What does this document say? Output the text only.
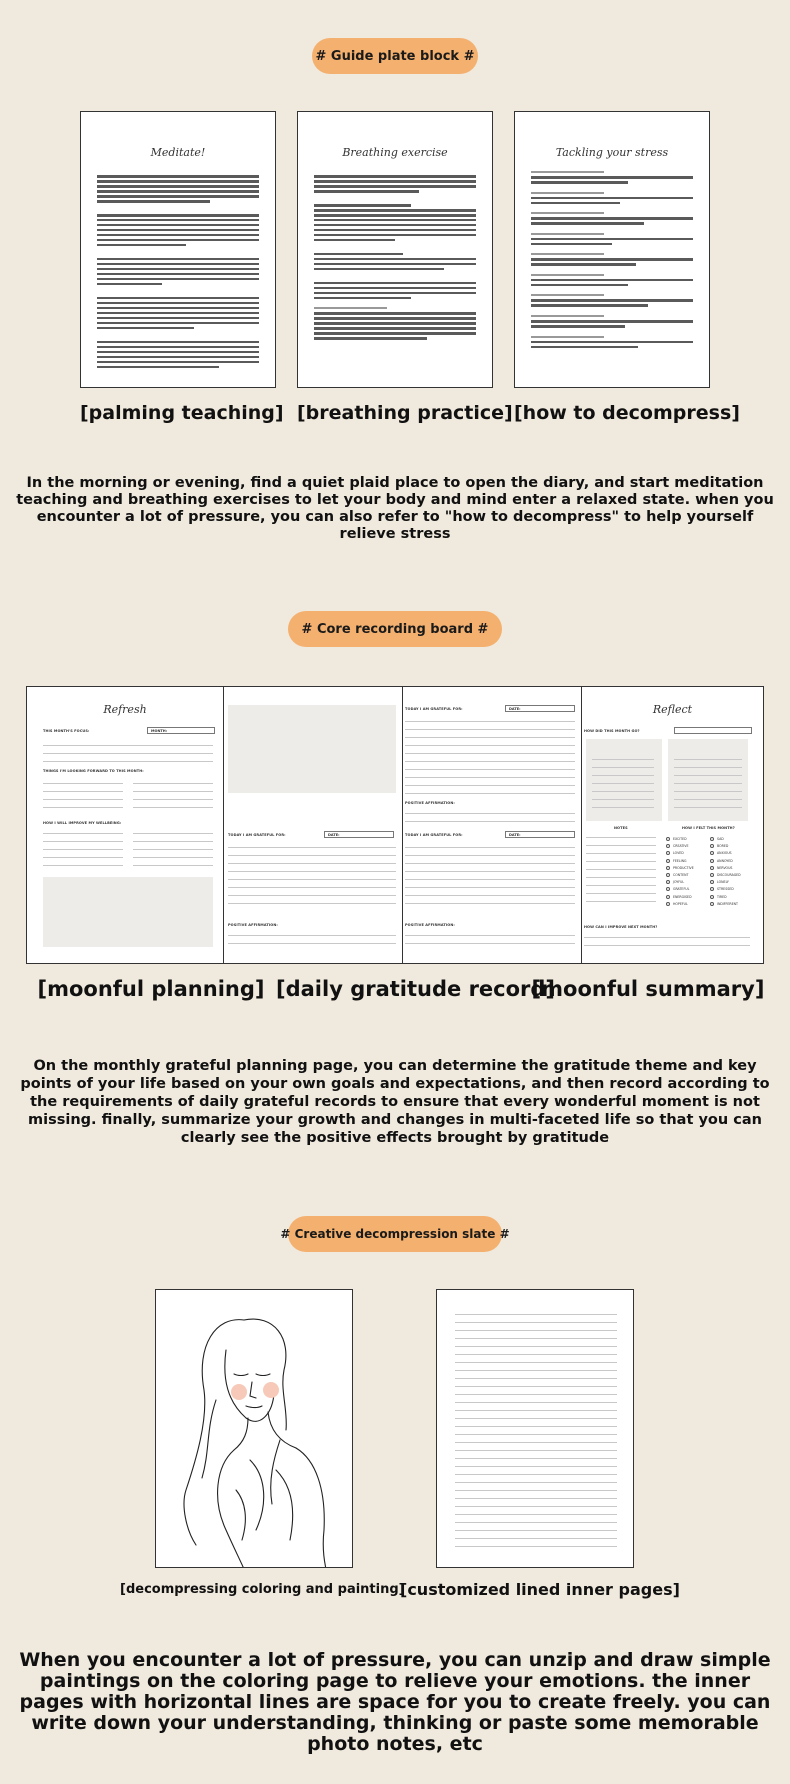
# Guide plate block #
Meditate!	Breathing exercise	Tackling your stress
[palming teaching] [breathing practice] [how to decompress]
In the morning or evening, find a quiet plaid place to open the diary, and start meditation teaching and breathing exercises to let your body and mind enter a relaxed state. when you encounter a lot of pressure, you can also refer to "how to decompress" to help yourself relieve stress
# Core recording board #
Refresh
THIS MONTH'S FOCUS:	MONTH:
THINGS I'M LOOKING FORWARD TO THIS MONTH:
HOW I WILL IMPROVE MY WELLBEING:
TODAY I AM GRATEFUL FOR:	DATE:
POSITIVE AFFIRMATION:
TODAY I AM GRATEFUL FOR:	DATE:
POSITIVE AFFIRMATION:
TODAY I AM GRATEFUL FOR:	DATE:
POSITIVE AFFIRMATION:
Reflect
HOW DID THIS MONTH GO?
NOTES	HOW I FELT THIS MONTH?
EXCITED
CREATIVE
LOVED
FEELING
PRODUCTIVE
CONTENT
JOYFUL
GRATEFUL
ENERGISED
HOPEFUL
SAD
BORED
ANXIOUS
ANNOYED
NERVOUS
DISCOURAGED
LONELY
STRESSED
TIRED
INDIFFERENT
HOW CAN I IMPROVE NEXT MONTH?
[moonful planning] [daily gratitude record]
[moonful summary]
On the monthly grateful planning page, you can determine the gratitude theme and key points of your life based on your own goals and expectations, and then record according to the requirements of daily grateful records to ensure that every wonderful moment is not missing. finally, summarize your growth and changes in multi-faceted life so that you can clearly see the positive effects brought by gratitude
# Creative decompression slate #
[decompressing coloring and painting]
[customized lined inner pages]
When you encounter a lot of pressure, you can unzip and draw simple paintings on the coloring page to relieve your emotions. the inner pages with horizontal lines are space for you to create freely. you can write down your understanding, thinking or paste some memorable photo notes, etc
